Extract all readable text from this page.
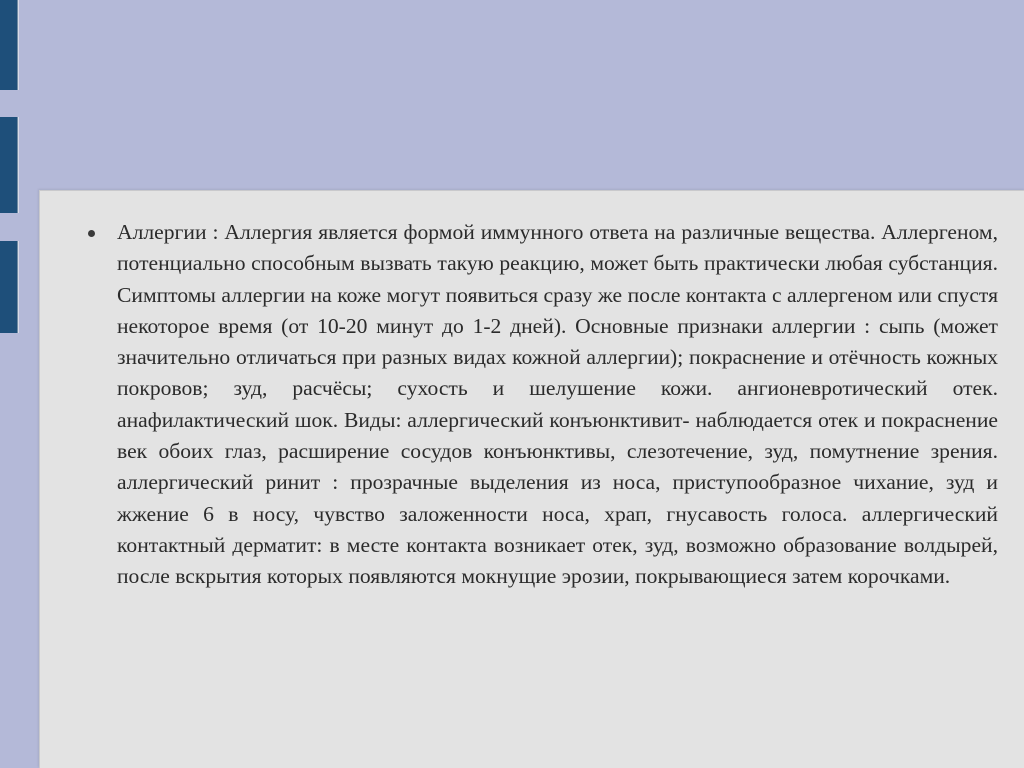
Аллергии : Аллергия является формой иммунного ответа на различные вещества. Аллергеном, потенциально способным вызвать такую реакцию, может быть практически любая субстанция. Симптомы аллергии на коже могут появиться сразу же после контакта с аллергеном или спустя некоторое время (от 10-20 минут до 1-2 дней). Основные признаки аллергии : сыпь (может значительно отличаться при разных видах кожной аллергии); покраснение и отёчность кожных покровов; зуд, расчёсы; сухость и шелушение кожи. ангионевротический отек. анафилактический шок. Виды: аллергический конъюнктивит- наблюдается отек и покраснение век обоих глаз, расширение сосудов конъюнктивы, слезотечение, зуд, помутнение зрения. аллергический ринит : прозрачные выделения из носа, приступообразное чихание, зуд и жжение 6 в носу, чувство заложенности носа, храп, гнусавость голоса. аллергический контактный дерматит: в месте контакта возникает отек, зуд, возможно образование волдырей, после вскрытия которых появляются мокнущие эрозии, покрывающиеся затем корочками.
